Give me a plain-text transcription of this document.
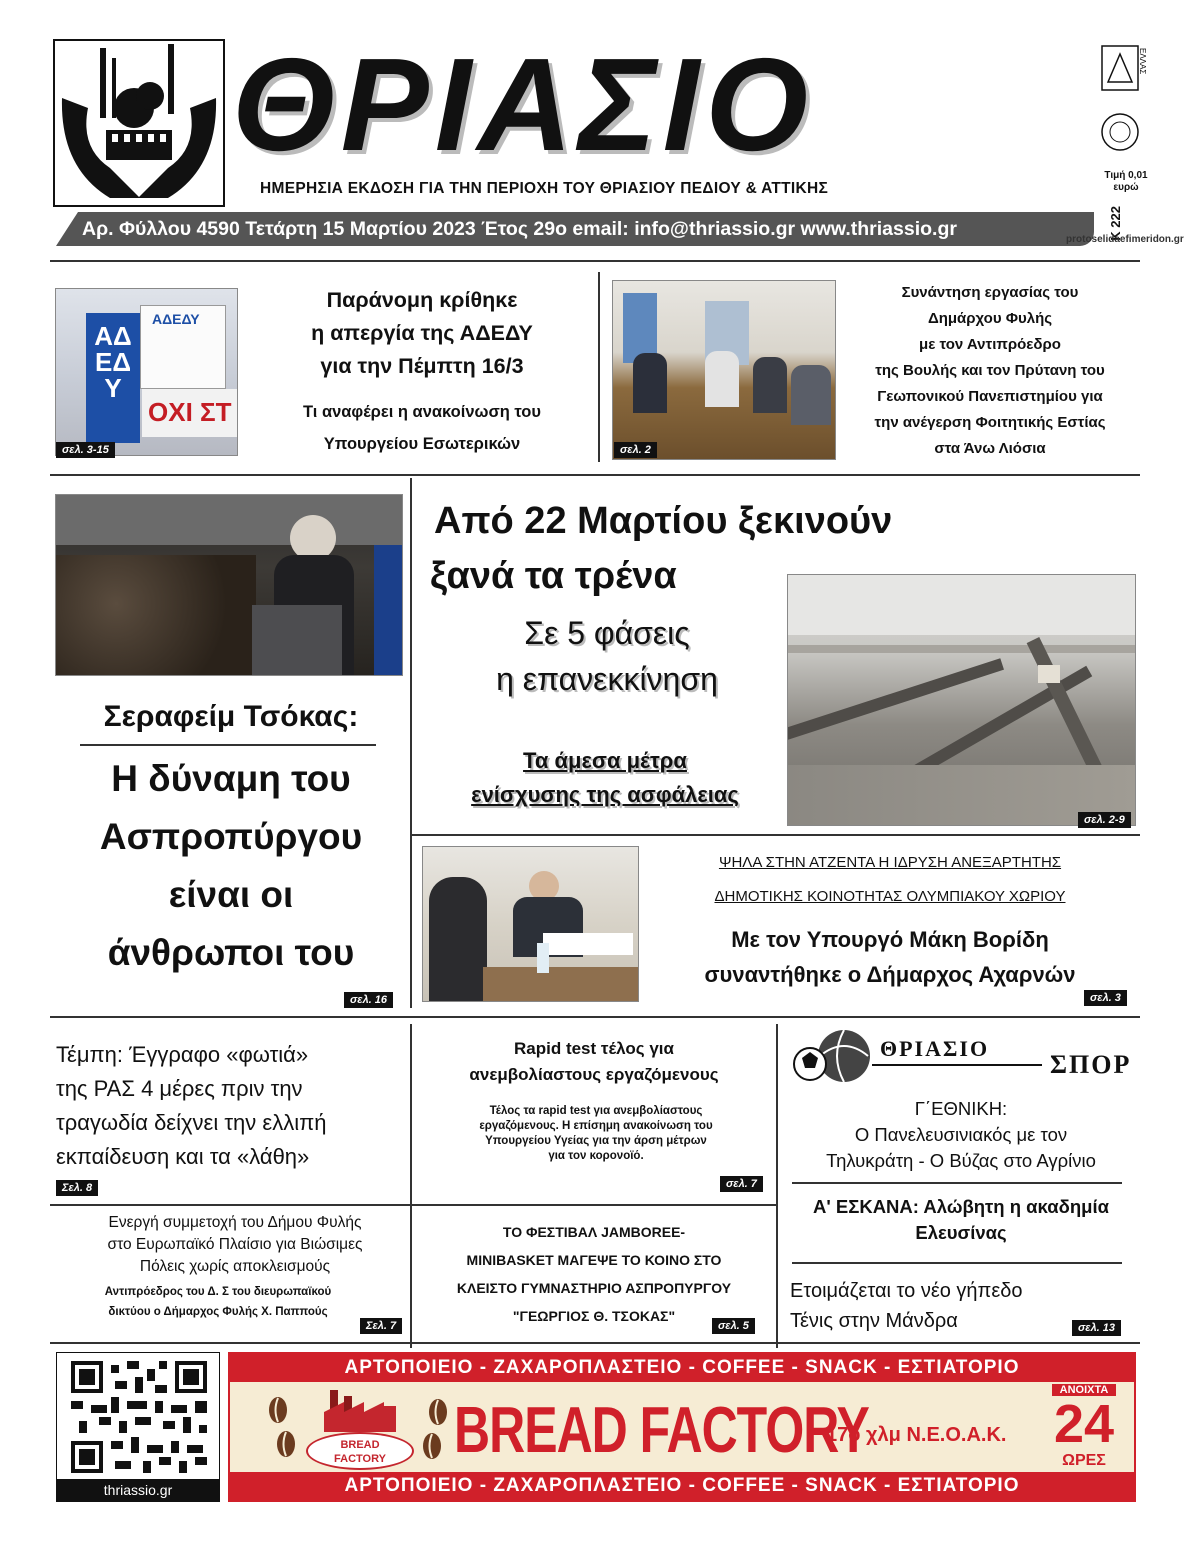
ΘΡΙΑΣΙΟ
ΗΜΕΡΗΣΙΑ ΕΚΔΟΣΗ ΓΙΑ ΤΗΝ ΠΕΡΙΟΧΗ ΤΟΥ ΘΡΙΑΣΙΟΥ ΠΕΔΙΟΥ & ΑΤΤΙΚΗΣ
Αρ. Φύλλου 4590 Τετάρτη 15 Μαρτίου 2023 Έτος 29ο email: info@thriassio.gr www.thriassio.gr
ΕΛΛΑΣ
Τιμή 0,01
ευρώ
Κ 222
protoselidaefimeridon.gr
ΑΔΕΔΥ
ΑΔΕΔΥ
ΟΧΙ ΣΤ
σελ. 3-15
Παράνομη κρίθηκε
η απεργία της ΑΔΕΔΥ
για την Πέμπτη 16/3
Τι αναφέρει η ανακοίνωση του
Υπουργείου Εσωτερικών	σελ. 2
Συνάντηση εργασίας του
Δημάρχου Φυλής
με τον Αντιπρόεδρο
της Βουλής και τον Πρύτανη του
Γεωπονικού Πανεπιστημίου για
την ανέγερση Φοιτητικής Εστίας
στα Άνω Λιόσια
Σεραφείμ Τσόκας:
Η δύναμη του
Ασπροπύργου
είναι οι
άνθρωποι του
σελ. 16
Από 22 Μαρτίου ξεκινούν
ξανά τα τρένα
Σε 5 φάσεις
η επανεκκίνηση
Τα άμεσα μέτρα
ενίσχυσης της ασφάλειας
σελ. 2-9
ΨΗΛΑ ΣΤΗΝ ΑΤΖΕΝΤΑ Η ΙΔΡΥΣΗ ΑΝΕΞΑΡΤΗΤΗΣ
ΔΗΜΟΤΙΚΗΣ ΚΟΙΝΟΤΗΤΑΣ ΟΛΥΜΠΙΑΚΟΥ ΧΩΡΙΟΥ
Με τον Υπουργό Μάκη Βορίδη
συναντήθηκε ο Δήμαρχος Αχαρνών
σελ. 3
Τέμπη: Έγγραφο «φωτιά»
της ΡΑΣ 4 μέρες πριν την
τραγωδία δείχνει την ελλιπή
εκπαίδευση και τα «λάθη»
Σελ. 8
Rapid test τέλος για
ανεμβολίαστους εργαζόμενους
Τέλος τα rapid test για ανεμβολίαστους
εργαζόμενους. Η επίσημη ανακοίνωση του
Υπουργείου Υγείας για την άρση μέτρων
για τον κορονοϊό.
σελ. 7
ΘΡΙΑΣΙΟ
ΣΠΟΡ
Γ΄ΕΘΝΙΚΗ:
Ο Πανελευσινιακός με τον
Τηλυκράτη - Ο Βύζας στο Αγρίνιο
Α' ΕΣΚΑΝΑ: Αλώβητη η ακαδημία
Ελευσίνας
Ετοιμάζεται το νέο γήπεδο
Τένις στην Μάνδρα	σελ. 13
Ενεργή συμμετοχή του Δήμου Φυλής
στο Ευρωπαϊκό Πλαίσιο για Βιώσιμες
Πόλεις χωρίς αποκλεισμούς
Αντιπρόεδρος του Δ. Σ του διευρωπαϊκού
δικτύου ο Δήμαρχος Φυλής Χ. Παππούς
Σελ. 7
ΤΟ ΦΕΣΤΙΒΑΛ JAMBOREE-
MINIBASKET ΜΑΓΕΨΕ ΤΟ ΚΟΙΝΟ ΣΤΟ
ΚΛΕΙΣΤΟ ΓΥΜΝΑΣΤΗΡΙΟ ΑΣΠΡΟΠΥΡΓΟΥ
"ΓΕΩΡΓΙΟΣ Θ. ΤΣΟΚΑΣ"
σελ. 5
thriassio.gr
ΑΡΤΟΠΟΙΕΙΟ - ΖΑΧΑΡΟΠΛΑΣΤΕΙΟ - COFFEE - SNACK - ΕΣΤΙΑΤΟΡΙΟ
ΑΡΤΟΠΟΙΕΙΟ - ΖΑΧΑΡΟΠΛΑΣΤΕΙΟ - COFFEE - SNACK - ΕΣΤΙΑΤΟΡΙΟ
BREAD
FACTORY	BREAD FACTORY
17ο χλμ Ν.Ε.Ο.Α.Κ.
ΑΝΟΙΧΤΑ
24
ΩΡΕΣ
